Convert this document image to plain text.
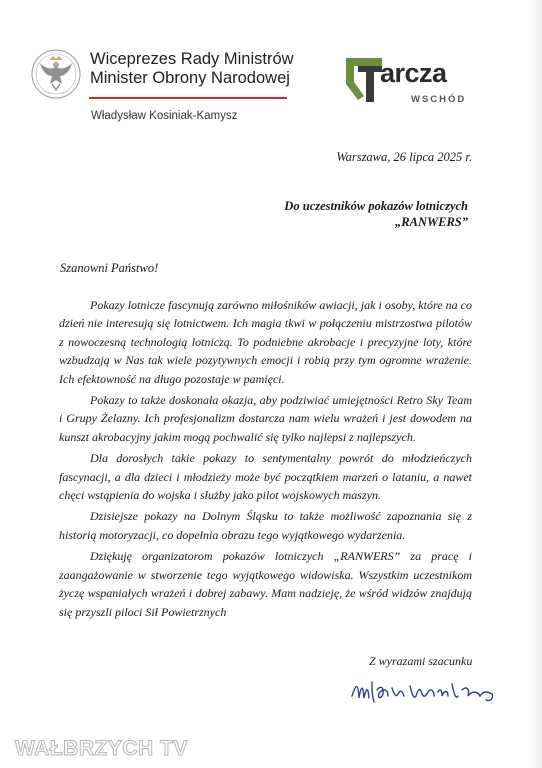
Wiceprezes Rady Ministrów
Minister Obrony Narodowej
Władysław Kosiniak-Kamysz
arcza
WSCHÓD
Warszawa, 26 lipca 2025 r.
Do uczestników pokazów lotniczych
„RANWERS”
Szanowni Państwo!

Pokazy lotnicze fascynują zarówno miłośników awiacji, jak i osoby, które na co dzień nie interesują się lotnictwem. Ich magia tkwi w połączeniu mistrzostwa pilotów z nowoczesną technologią lotniczą. To podniebne akrobacje i precyzyjne loty, które wzbudzają w Nas tak wiele pozytywnych emocji i robią przy tym ogromne wrażenie. Ich efektowność na długo pozostaje w pamięci.

Pokazy to także doskonała okazja, aby podziwiać umiejętności Retro Sky Team i Grupy Żelazny. Ich profesjonalizm dostarcza nam wielu wrażeń i jest dowodem na kunszt akrobacyjny jakim mogą pochwalić się tylko najlepsi z najlepszych.

Dla dorosłych takie pokazy to sentymentalny powrót do młodzieńczych fascynacji, a dla dzieci i młodzieży może być początkiem marzeń o lataniu, a nawet chęci wstąpienia do wojska i służby jako pilot wojskowych maszyn.

Dzisiejsze pokazy na Dolnym Śląsku to także możliwość zapoznania się z historią motoryzacji, co dopełnia obrazu tego wyjątkowego wydarzenia.

Dziękuję organizatorom pokazów lotniczych „RANWERS” za pracę i zaangażowanie w stworzenie tego wyjątkowego widowiska. Wszystkim uczestnikom życzę wspaniałych wrażeń i dobrej zabawy. Mam nadzieję, że wśród widzów znajdują się przyszli piloci Sił Powietrznych

Z wyrazami szacunku
WAŁBRZYCH TV
